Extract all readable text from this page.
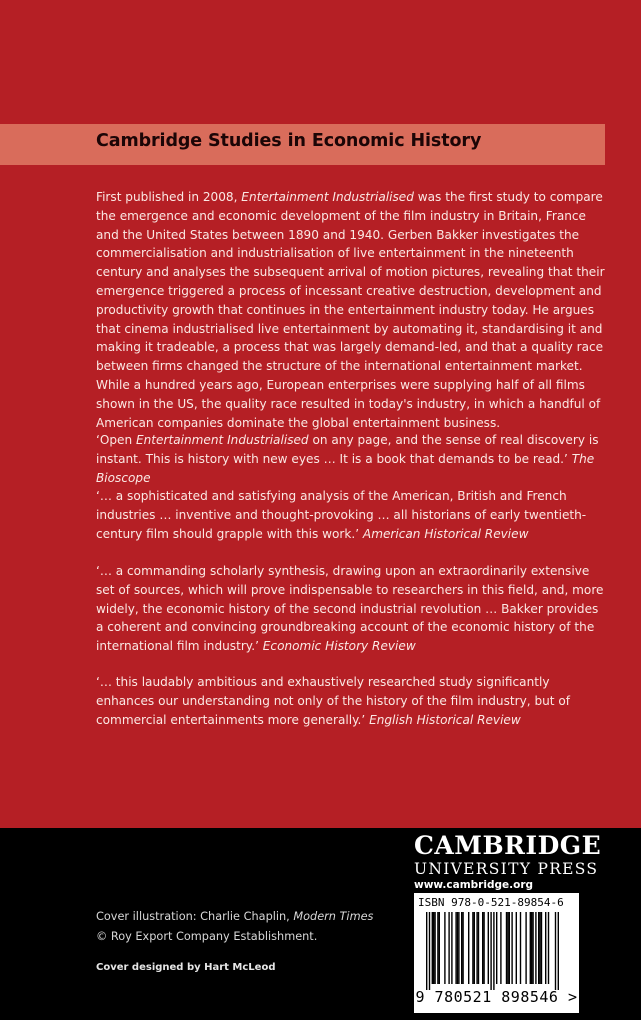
Cambridge Studies in Economic History

First published in 2008, Entertainment Industrialised was the first study to compare the emergence and economic development of the film industry in Britain, France and the United States between 1890 and 1940. Gerben Bakker investigates the commercialisation and industrialisation of live entertainment in the nineteenth century and analyses the subsequent arrival of motion pictures, revealing that their emergence triggered a process of incessant creative destruction, development and productivity growth that continues in the entertainment industry today. He argues that cinema industrialised live entertainment by automating it, standardising it and making it tradeable, a process that was largely demand-led, and that a quality race between firms changed the structure of the international entertainment market. While a hundred years ago, European enterprises were supplying half of all films shown in the US, the quality race resulted in today's industry, in which a handful of American companies dominate the global entertainment business.

‘Open Entertainment Industrialised on any page, and the sense of real discovery is instant. This is history with new eyes … It is a book that demands to be read.’ The Bioscope

‘… a sophisticated and satisfying analysis of the American, British and French industries … inventive and thought-provoking … all historians of early twentieth-century film should grapple with this work.’ American Historical Review

‘… a commanding scholarly synthesis, drawing upon an extraordinarily extensive set of sources, which will prove indispensable to researchers in this field, and, more widely, the economic history of the second industrial revolution … Bakker provides a coherent and convincing groundbreaking account of the economic history of the international film industry.’ Economic History Review

‘… this laudably ambitious and exhaustively researched study significantly enhances our understanding not only of the history of the film industry, but of commercial entertainments more generally.’ English Historical Review

Cover illustration: Charlie Chaplin, Modern Times
© Roy Export Company Establishment.
Cover designed by Hart McLeod
CAMBRIDGE
UNIVERSITY PRESS
www.cambridge.org
ISBN 978-0-521-89854-6
9 780521 898546 >
